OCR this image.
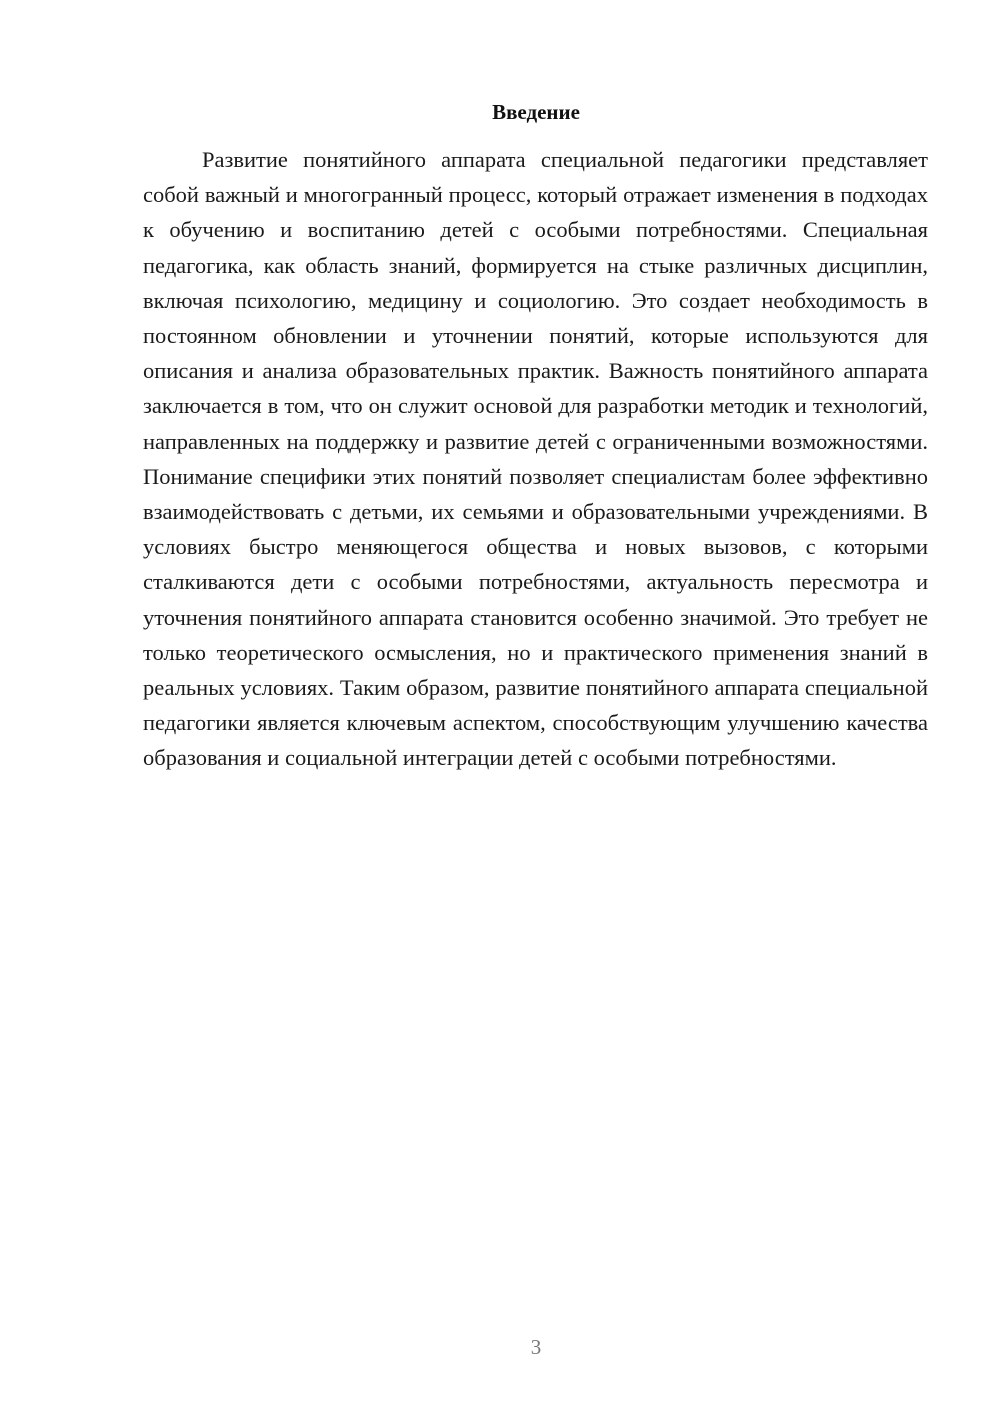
Введение

Развитие понятийного аппарата специальной педагогики представляет собой важный и многогранный процесс, который отражает изменения в подходах к обучению и воспитанию детей с особыми потребностями. Специальная педагогика, как область знаний, формируется на стыке различных дисциплин, включая психологию, медицину и социологию. Это создает необходимость в постоянном обновлении и уточнении понятий, которые используются для описания и анализа образовательных практик. Важность понятийного аппарата заключается в том, что он служит основой для разработки методик и технологий, направленных на поддержку и развитие детей с ограниченными возможностями. Понимание специфики этих понятий позволяет специалистам более эффективно взаимодействовать с детьми, их семьями и образовательными учреждениями. В условиях быстро меняющегося общества и новых вызовов, с которыми сталкиваются дети с особыми потребностями, актуальность пересмотра и уточнения понятийного аппарата становится особенно значимой. Это требует не только теоретического осмысления, но и практического применения знаний в реальных условиях. Таким образом, развитие понятийного аппарата специальной педагогики является ключевым аспектом, способствующим улучшению качества образования и социальной интеграции детей с особыми потребностями.

3
